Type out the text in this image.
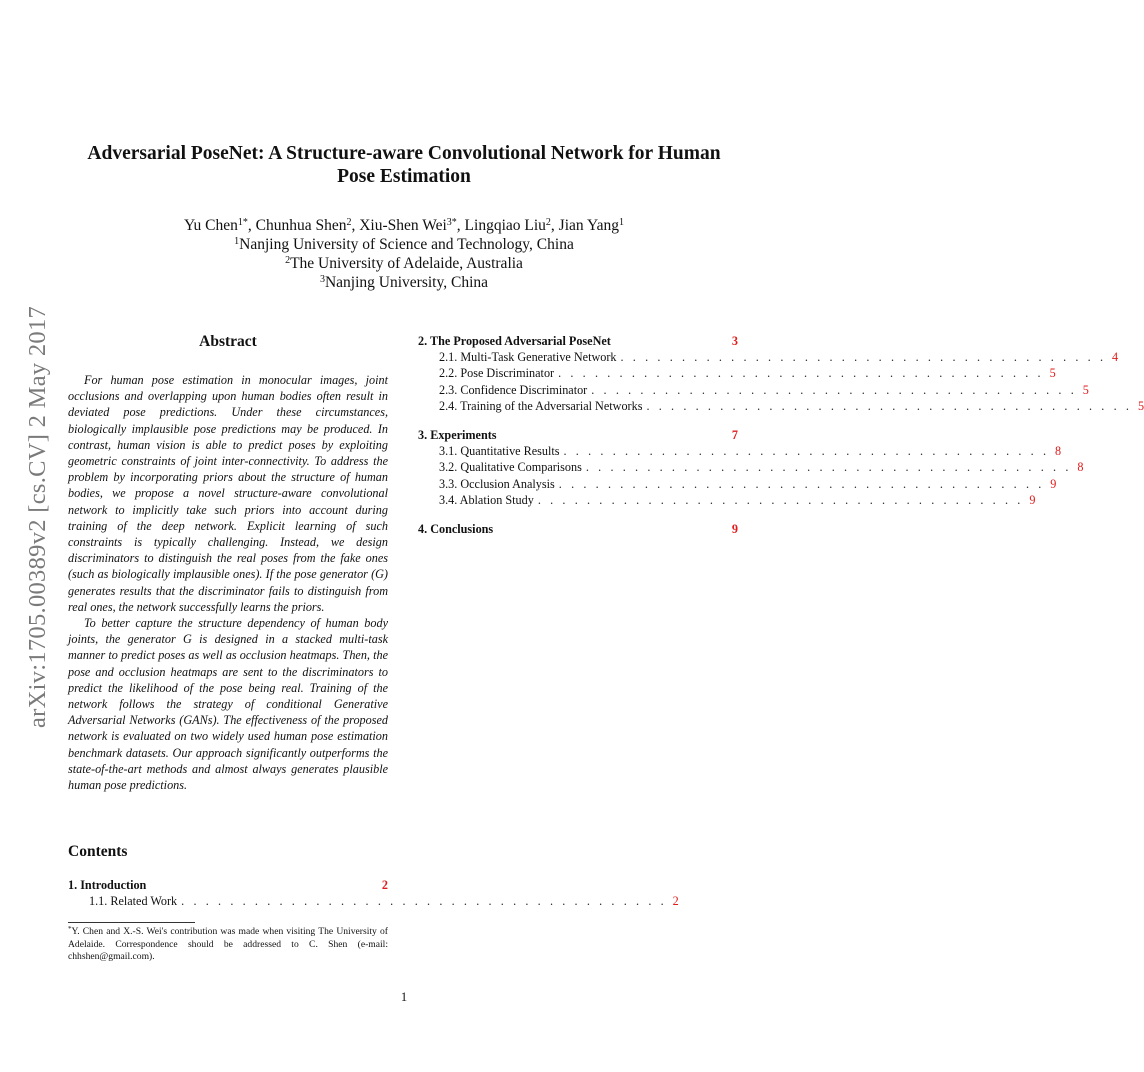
arXiv:1705.00389v2 [cs.CV] 2 May 2017
Adversarial PoseNet: A Structure-aware Convolutional Network for Human
Pose Estimation
Yu Chen$^{1*}$, Chunhua Shen$^2$, Xiu-Shen Wei$^{3*}$, Lingqiao Liu$^2$, Jian Yang$^1$
$^1$Nanjing University of Science and Technology, China
$^2$The University of Adelaide, Australia
$^3$Nanjing University, China
Abstract

For human pose estimation in monocular images, joint occlusions and overlapping upon human bodies often result in deviated pose predictions. Under these circumstances, biologically implausible pose predictions may be produced. In contrast, human vision is able to predict poses by exploiting geometric constraints of joint inter-connectivity. To address the problem by incorporating priors about the structure of human bodies, we propose a novel structure-aware convolutional network to implicitly take such priors into account during training of the deep network. Explicit learning of such constraints is typically challenging. Instead, we design discriminators to distinguish the real poses from the fake ones (such as biologically implausible ones). If the pose generator (G) generates results that the discriminator fails to distinguish from real ones, the network successfully learns the priors.

To better capture the structure dependency of human body joints, the generator G is designed in a stacked multi-task manner to predict poses as well as occlusion heatmaps. Then, the pose and occlusion heatmaps are sent to the discriminators to predict the likelihood of the pose being real. Training of the network follows the strategy of conditional Generative Adversarial Networks (GANs). The effectiveness of the proposed network is evaluated on two widely used human pose estimation benchmark datasets. Our approach significantly outperforms the state-of-the-art methods and almost always generates plausible human pose predictions.

Contents
1. Introduction	2
1.1. Related Work . . . . . . . . . . . . . . . . . . . . . . . . . . . . . . . . . . . . . . . . 2
2. The Proposed Adversarial PoseNet	3
2.1. Multi-Task Generative Network . . . . . . . . . . . . . . . . . . . . . . . . . . . . . . . . . . . . . . . . 4
2.2. Pose Discriminator . . . . . . . . . . . . . . . . . . . . . . . . . . . . . . . . . . . . . . . . 5
2.3. Confidence Discriminator . . . . . . . . . . . . . . . . . . . . . . . . . . . . . . . . . . . . . . . . 5
2.4. Training of the Adversarial Networks . . . . . . . . . . . . . . . . . . . . . . . . . . . . . . . . . . . . . . . . 5
3. Experiments	7
3.1. Quantitative Results . . . . . . . . . . . . . . . . . . . . . . . . . . . . . . . . . . . . . . . . 8
3.2. Qualitative Comparisons . . . . . . . . . . . . . . . . . . . . . . . . . . . . . . . . . . . . . . . . 8
3.3. Occlusion Analysis . . . . . . . . . . . . . . . . . . . . . . . . . . . . . . . . . . . . . . . . 9
3.4. Ablation Study . . . . . . . . . . . . . . . . . . . . . . . . . . . . . . . . . . . . . . . . 9
4. Conclusions	9

*Y. Chen and X.-S. Wei's contribution was made when visiting The University of Adelaide. Correspondence should be addressed to C. Shen (e-mail: chhshen@gmail.com).

1
